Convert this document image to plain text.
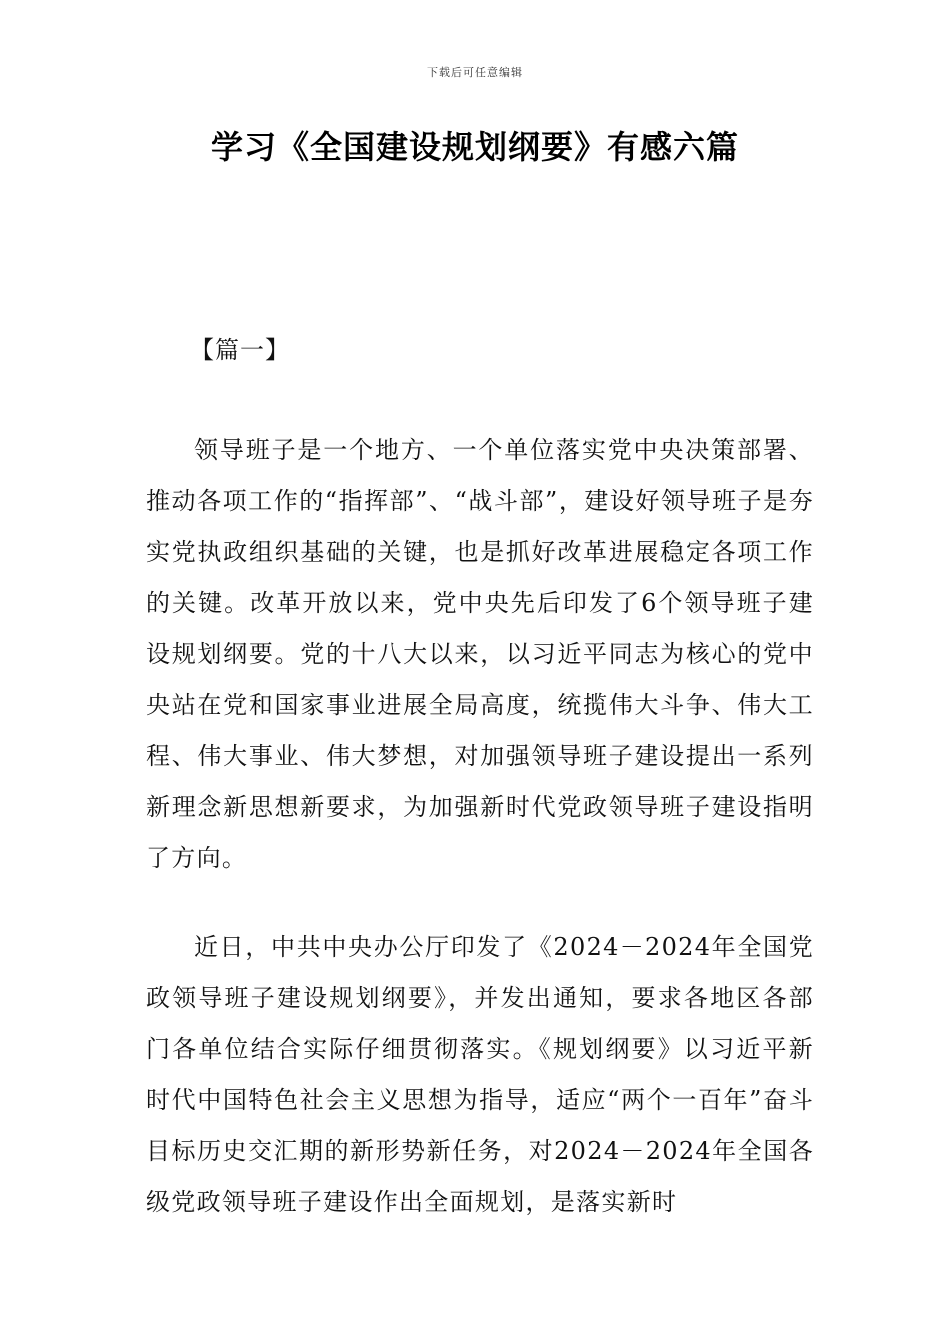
下载后可任意编辑
学习《全国建设规划纲要》有感六篇
【篇一】

领导班子是一个地方、一个单位落实党中央决策部署、推动各项工作的“指挥部”、“战斗部”，建设好领导班子是夯实党执政组织基础的关键，也是抓好改革进展稳定各项工作的关键。改革开放以来，党中央先后印发了6个领导班子建设规划纲要。党的十八大以来，以习近平同志为核心的党中央站在党和国家事业进展全局高度，统揽伟大斗争、伟大工程、伟大事业、伟大梦想，对加强领导班子建设提出一系列新理念新思想新要求，为加强新时代党政领导班子建设指明了方向。

近日，中共中央办公厅印发了《2024－2024年全国党政领导班子建设规划纲要》，并发出通知，要求各地区各部门各单位结合实际仔细贯彻落实。《规划纲要》以习近平新时代中国特色社会主义思想为指导，适应“两个一百年”奋斗目标历史交汇期的新形势新任务，对2024－2024年全国各级党政领导班子建设作出全面规划，是落实新时
